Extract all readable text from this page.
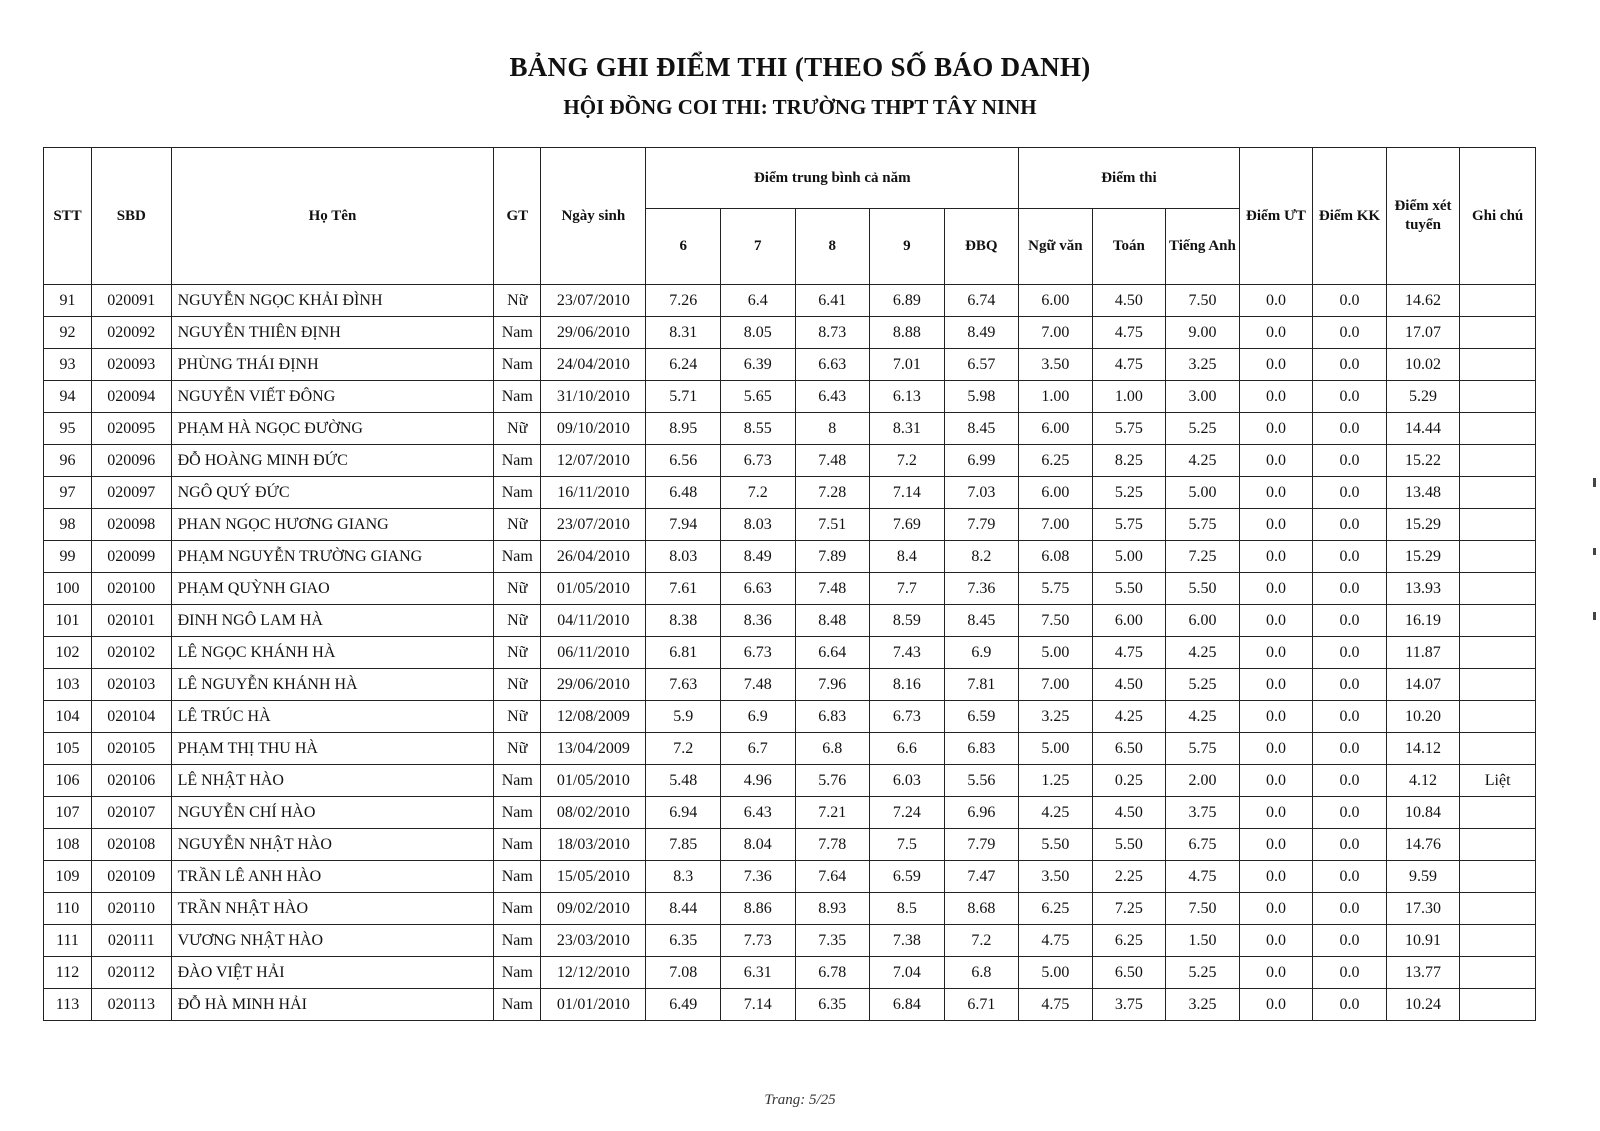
BẢNG GHI ĐIỂM THI (THEO SỐ BÁO DANH)
HỘI ĐỒNG COI THI: TRƯỜNG THPT TÂY NINH
STT	SBD	Họ Tên	GT	Ngày sinh	Điểm trung bình cả năm					Điểm thi			Điểm ƯT	Điểm KK	Điểm xét tuyển	Ghi chú
					6	7	8	9	ĐBQ	Ngữ văn	Toán	Tiếng Anh				
91	020091	NGUYỄN NGỌC KHẢI ĐÌNH	Nữ	23/07/2010	7.26	6.4	6.41	6.89	6.74	6.00	4.50	7.50	0.0	0.0	14.62	
92	020092	NGUYỄN THIÊN ĐỊNH	Nam	29/06/2010	8.31	8.05	8.73	8.88	8.49	7.00	4.75	9.00	0.0	0.0	17.07	
93	020093	PHÙNG THÁI ĐỊNH	Nam	24/04/2010	6.24	6.39	6.63	7.01	6.57	3.50	4.75	3.25	0.0	0.0	10.02	
94	020094	NGUYỄN VIẾT ĐÔNG	Nam	31/10/2010	5.71	5.65	6.43	6.13	5.98	1.00	1.00	3.00	0.0	0.0	5.29	
95	020095	PHẠM HÀ NGỌC ĐƯỜNG	Nữ	09/10/2010	8.95	8.55	8	8.31	8.45	6.00	5.75	5.25	0.0	0.0	14.44	
96	020096	ĐỖ HOÀNG MINH ĐỨC	Nam	12/07/2010	6.56	6.73	7.48	7.2	6.99	6.25	8.25	4.25	0.0	0.0	15.22	
97	020097	NGÔ QUÝ ĐỨC	Nam	16/11/2010	6.48	7.2	7.28	7.14	7.03	6.00	5.25	5.00	0.0	0.0	13.48	
98	020098	PHAN NGỌC HƯƠNG GIANG	Nữ	23/07/2010	7.94	8.03	7.51	7.69	7.79	7.00	5.75	5.75	0.0	0.0	15.29	
99	020099	PHẠM NGUYỄN TRƯỜNG GIANG	Nam	26/04/2010	8.03	8.49	7.89	8.4	8.2	6.08	5.00	7.25	0.0	0.0	15.29	
100	020100	PHẠM QUỲNH GIAO	Nữ	01/05/2010	7.61	6.63	7.48	7.7	7.36	5.75	5.50	5.50	0.0	0.0	13.93	
101	020101	ĐINH NGÔ LAM HÀ	Nữ	04/11/2010	8.38	8.36	8.48	8.59	8.45	7.50	6.00	6.00	0.0	0.0	16.19	
102	020102	LÊ NGỌC KHÁNH HÀ	Nữ	06/11/2010	6.81	6.73	6.64	7.43	6.9	5.00	4.75	4.25	0.0	0.0	11.87	
103	020103	LÊ NGUYỄN KHÁNH HÀ	Nữ	29/06/2010	7.63	7.48	7.96	8.16	7.81	7.00	4.50	5.25	0.0	0.0	14.07	
104	020104	LÊ TRÚC HÀ	Nữ	12/08/2009	5.9	6.9	6.83	6.73	6.59	3.25	4.25	4.25	0.0	0.0	10.20	
105	020105	PHẠM THỊ THU HÀ	Nữ	13/04/2009	7.2	6.7	6.8	6.6	6.83	5.00	6.50	5.75	0.0	0.0	14.12	
106	020106	LÊ NHẬT HÀO	Nam	01/05/2010	5.48	4.96	5.76	6.03	5.56	1.25	0.25	2.00	0.0	0.0	4.12	Liệt
107	020107	NGUYỄN CHÍ HÀO	Nam	08/02/2010	6.94	6.43	7.21	7.24	6.96	4.25	4.50	3.75	0.0	0.0	10.84	
108	020108	NGUYỄN NHẬT HÀO	Nam	18/03/2010	7.85	8.04	7.78	7.5	7.79	5.50	5.50	6.75	0.0	0.0	14.76	
109	020109	TRẦN LÊ ANH HÀO	Nam	15/05/2010	8.3	7.36	7.64	6.59	7.47	3.50	2.25	4.75	0.0	0.0	9.59	
110	020110	TRẦN NHẬT HÀO	Nam	09/02/2010	8.44	8.86	8.93	8.5	8.68	6.25	7.25	7.50	0.0	0.0	17.30	
111	020111	VƯƠNG NHẬT HÀO	Nam	23/03/2010	6.35	7.73	7.35	7.38	7.2	4.75	6.25	1.50	0.0	0.0	10.91	
112	020112	ĐÀO VIỆT HẢI	Nam	12/12/2010	7.08	6.31	6.78	7.04	6.8	5.00	6.50	5.25	0.0	0.0	13.77	
113	020113	ĐỖ HÀ MINH HẢI	Nam	01/01/2010	6.49	7.14	6.35	6.84	6.71	4.75	3.75	3.25	0.0	0.0	10.24	
Trang: 5/25
